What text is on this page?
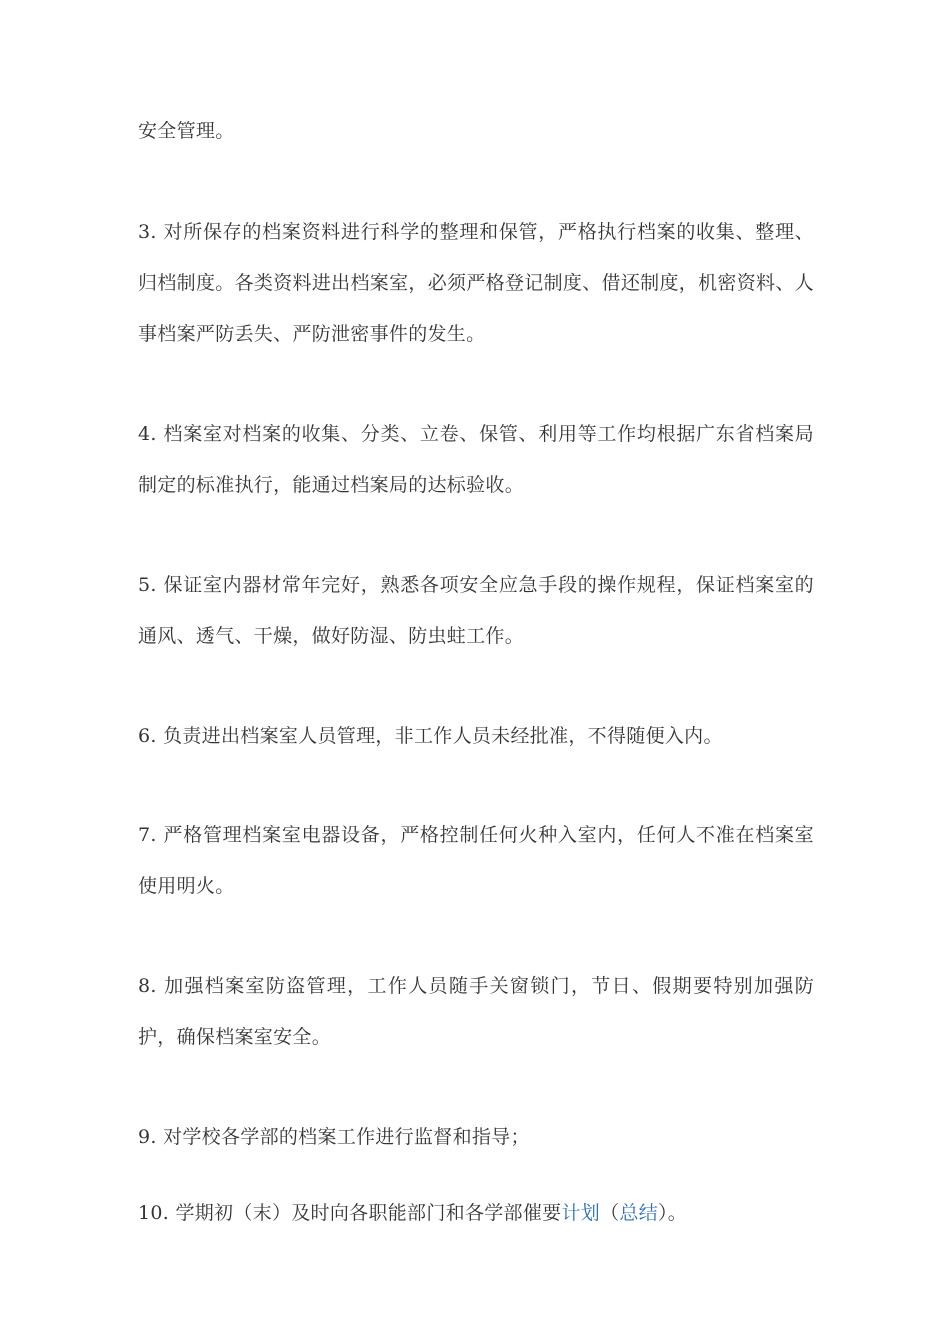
安全管理。

3. 对所保存的档案资料进行科学的整理和保管，严格执行档案的收集、整理、归档制度。各类资料进出档案室，必须严格登记制度、借还制度，机密资料、人事档案严防丢失、严防泄密事件的发生。

4. 档案室对档案的收集、分类、立卷、保管、利用等工作均根据广东省档案局制定的标准执行，能通过档案局的达标验收。

5. 保证室内器材常年完好，熟悉各项安全应急手段的操作规程，保证档案室的通风、透气、干燥，做好防湿、防虫蛀工作。

6. 负责进出档案室人员管理，非工作人员未经批准，不得随便入内。

7. 严格管理档案室电器设备，严格控制任何火种入室内，任何人不准在档案室使用明火。

8. 加强档案室防盗管理，工作人员随手关窗锁门，节日、假期要特别加强防护，确保档案室安全。

9. 对学校各学部的档案工作进行监督和指导；

10. 学期初（末）及时向各职能部门和各学部催要计划（总结）。
